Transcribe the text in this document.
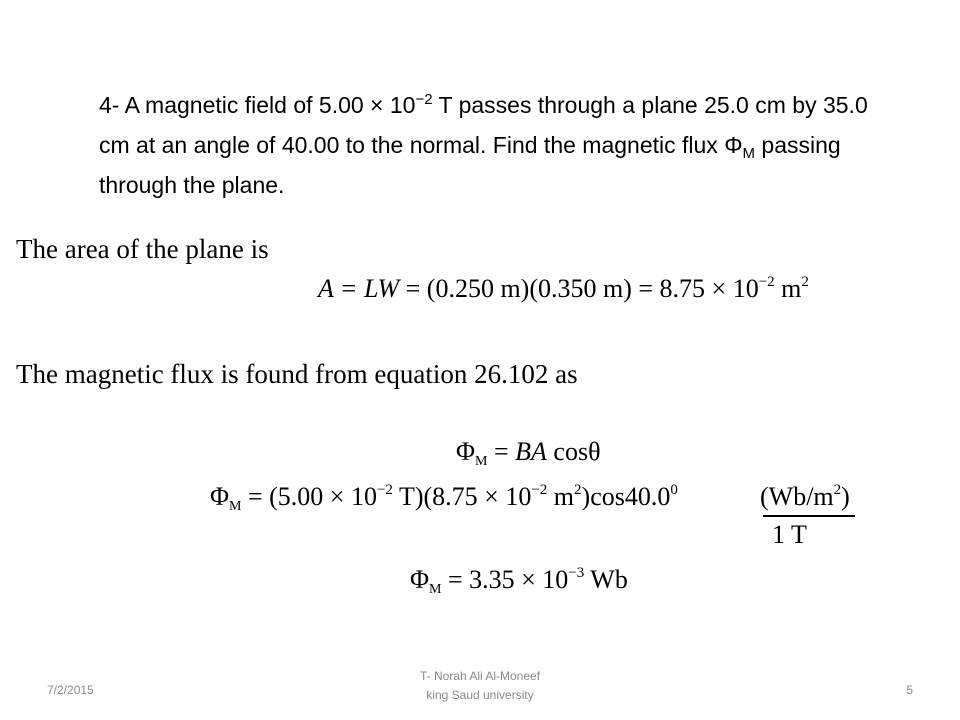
4- A magnetic field of $5.00 \times 10^{-2}$ T passes through a plane 25.0 cm by 35.0 cm at an angle of 40.00 to the normal. Find the magnetic flux $\Phi_M$ passing through the plane.
The area of the plane is
A = LW = (0.250 m)(0.350 $m) = 8.75 \times 10^{-2}$ $m^2$
The magnetic flux is found from equation 26.102 as
$\Phi_M$ = BA cosθ
$\Phi_M = (5.00 \times 10^{-2}$ $T)(8.75 \times 10^{-2}$ $m^2)\cos 40.0^0$	$(Wb/m^2)$
1 T
$\Phi_M = 3.35 \times 10^{-3}$ Wb
7/2/2015
T- Norah Ali Al-Moneef
king Saud university	5
